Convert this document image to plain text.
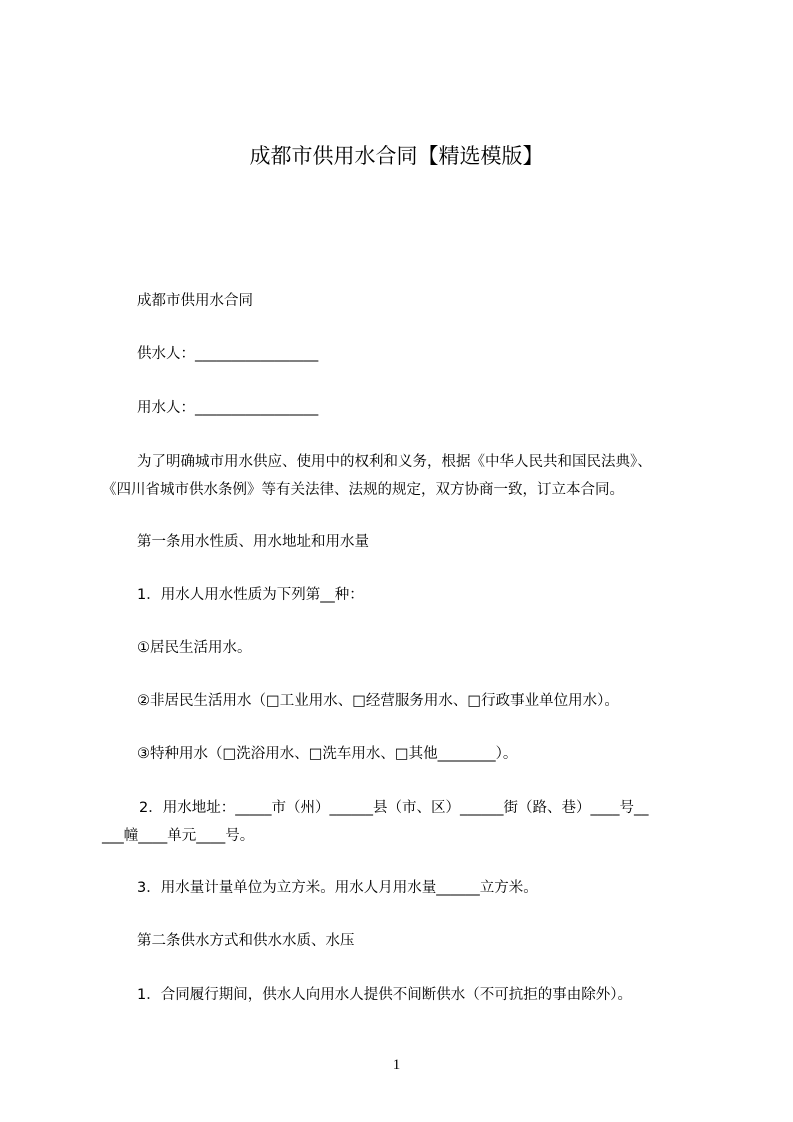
成都市供用水合同【精选模版】
成都市供用水合同
供水人：_________________
用水人：_________________
为了明确城市用水供应、使用中的权利和义务，根据《中华人民共和国民法典》、
《四川省城市供水条例》等有关法律、法规的规定，双方协商一致，订立本合同。
第一条用水性质、用水地址和用水量
1．用水人用水性质为下列第__种：
①居民生活用水。
②非居民生活用水（□工业用水、□经营服务用水、□行政事业单位用水）。
③特种用水（□洗浴用水、□洗车用水、□其他________）。
2．用水地址：_____市（州）______县（市、区）______街（路、巷）____号__
___幢____单元____号。
3．用水量计量单位为立方米。用水人月用水量______立方米。
第二条供水方式和供水水质、水压
1．合同履行期间，供水人向用水人提供不间断供水（不可抗拒的事由除外）。
1
